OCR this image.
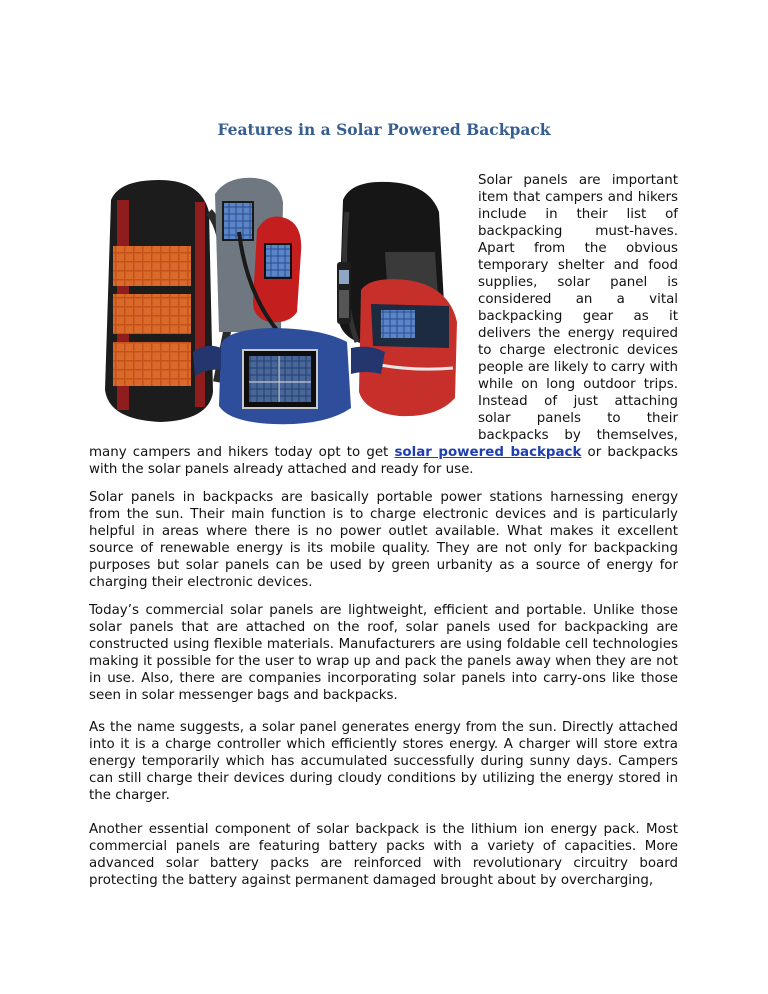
Features in a Solar Powered Backpack
Solar panels are important item that campers and hikers include in their list of backpacking must-haves. Apart from the obvious temporary shelter and food supplies, solar panel is considered an a vital backpacking gear as it delivers the energy required to charge electronic devices people are likely to carry with while on long outdoor trips. Instead of just attaching solar panels to their backpacks by themselves, many campers and hikers today opt to get solar powered backpack or backpacks with the solar panels already attached and ready for use.

Solar panels in backpacks are basically portable power stations harnessing energy from the sun. Their main function is to charge electronic devices and is particularly helpful in areas where there is no power outlet available. What makes it excellent source of renewable energy is its mobile quality. They are not only for backpacking purposes but solar panels can be used by green urbanity as a source of energy for charging their electronic devices.

Today’s commercial solar panels are lightweight, efficient and portable. Unlike those solar panels that are attached on the roof, solar panels used for backpacking are constructed using flexible materials. Manufacturers are using foldable cell technologies making it possible for the user to wrap up and pack the panels away when they are not in use. Also, there are companies incorporating solar panels into carry-ons like those seen in solar messenger bags and backpacks.

As the name suggests, a solar panel generates energy from the sun. Directly attached into it is a charge controller which efficiently stores energy. A charger will store extra energy temporarily which has accumulated successfully during sunny days. Campers can still charge their devices during cloudy conditions by utilizing the energy stored in the charger.

Another essential component of solar backpack is the lithium ion energy pack. Most commercial panels are featuring battery packs with a variety of capacities. More advanced solar battery packs are reinforced with revolutionary circuitry board protecting the battery against permanent damaged brought about by overcharging,
